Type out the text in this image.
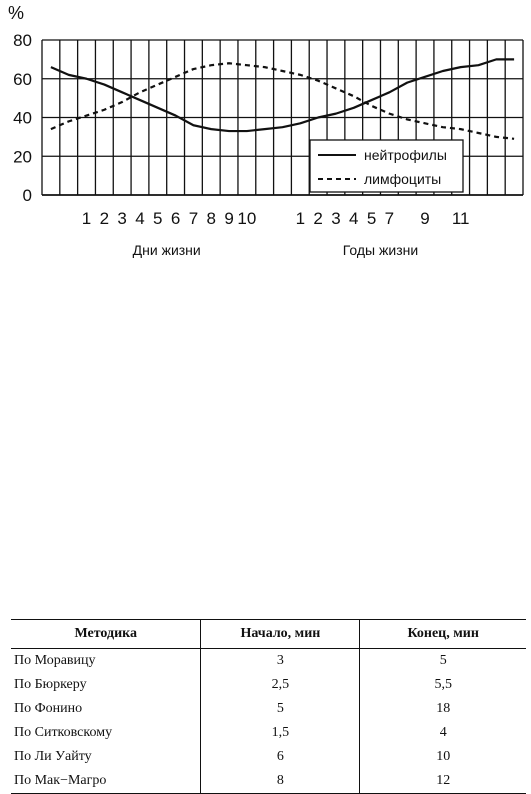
%
0
20
40
60
80
1 2 3 4 5 6 7 8 9 10 1 2 3 4 5 7 9 11
Дни жизни	Годы жизни
нейтрофилы
лимфоциты
Методика	Начало, мин	Конец, мин
По Моравицу	3	5
По Бюркеру	2,5	5,5
По Фонино	5	18
По Ситковскому	1,5	4
По Ли Уайту	6	10
По Мак−Магро	8	12
